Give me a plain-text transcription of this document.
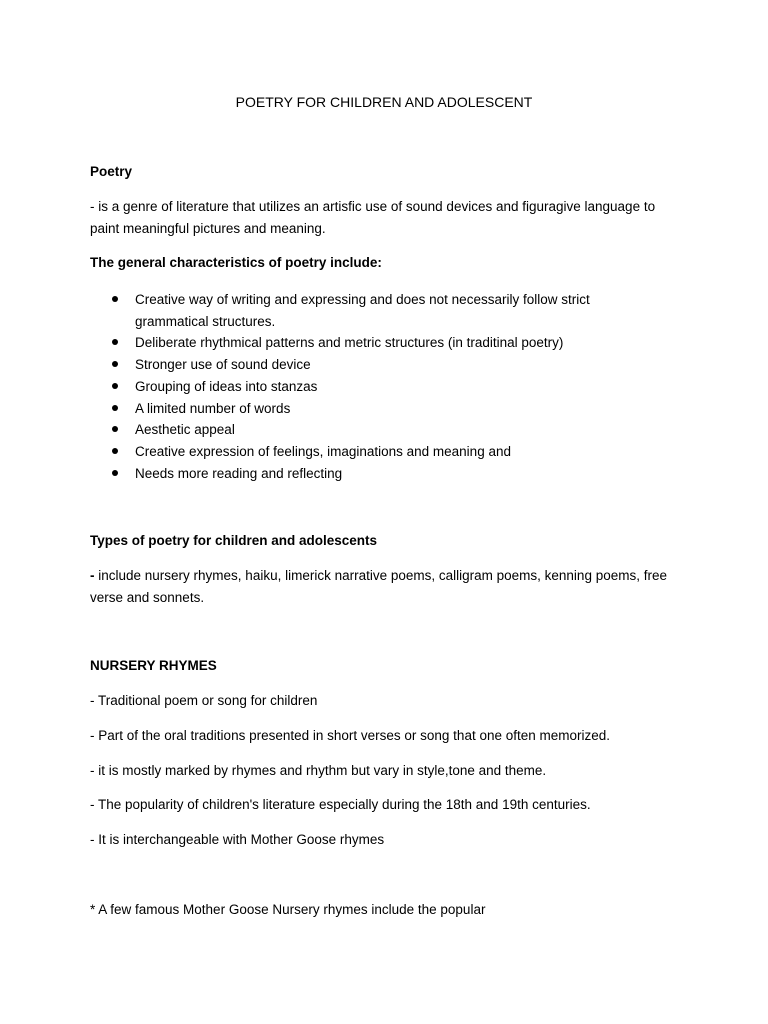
POETRY FOR CHILDREN AND ADOLESCENT

Poetry

- is a genre of literature that utilizes an artisfic use of sound devices and figuragive language to paint meaningful pictures and meaning.

The general characteristics of poetry include:

Creative way of writing and expressing and does not necessarily follow strict grammatical structures.
Deliberate rhythmical patterns and metric structures (in traditinal poetry)
Stronger use of sound device
Grouping of ideas into stanzas
A limited number of words
Aesthetic appeal
Creative expression of feelings, imaginations and meaning and
Needs more reading and reflecting

Types of poetry for children and adolescents

- include nursery rhymes, haiku, limerick narrative poems, calligram poems, kenning poems, free verse and sonnets.

NURSERY RHYMES

- Traditional poem or song for children

- Part of the oral traditions presented in short verses or song that one often memorized.

- it is mostly marked by rhymes and rhythm but vary in style,tone and theme.

- The popularity of children's literature especially during the 18th and 19th centuries.

- It is interchangeable with Mother Goose rhymes

* A few famous Mother Goose Nursery rhymes include the popular
